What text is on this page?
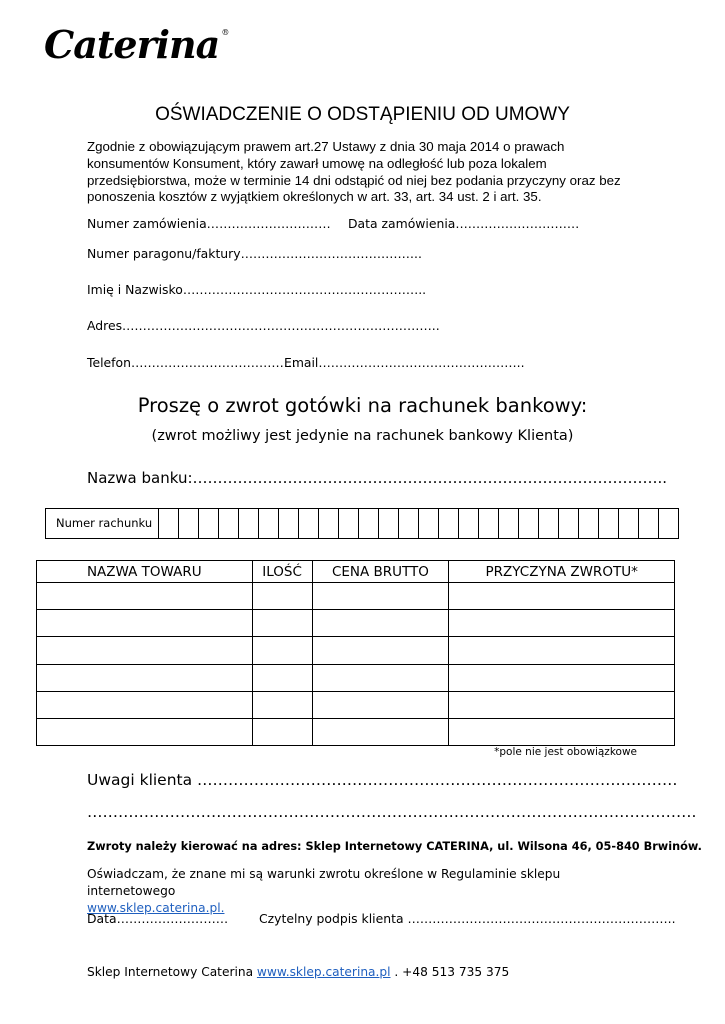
Caterina ®
OŚWIADCZENIE O ODSTĄPIENIU OD UMOWY
Zgodnie z obowiązującym prawem art.27 Ustawy z dnia 30 maja 2014 o prawach konsumentów Konsument, który zawarł umowę na odległość lub poza lokalem przedsiębiorstwa, może w terminie 14 dni odstąpić od niej bez podania przyczyny oraz bez ponoszenia kosztów z wyjątkiem określonych w art. 33, art. 34 ust. 2 i art. 35.
Numer zamówienia………………………… Data zamówienia…………………………
Numer paragonu/faktury……………………………………..
Imię i Nazwisko…………………………………………………..
Adres…………………………………………………………………..
Telefon………………………………….
Email…………………………………………..
Proszę o zwrot gotówki na rachunek bankowy:
(zwrot możliwy jest jedynie na rachunek bankowy Klienta)
Nazwa banku:…………………………………………………………………………………..
Numer rachunku
NAZWA TOWARU	ILOŚĆ	CENA BRUTTO	PRZYCZYNA ZWROTU*

*pole nie jest obowiązkowe
Uwagi klienta …………………………………………………………………………………
……………………………………………………………………………………………………….
Zwroty należy kierować na adres: Sklep Internetowy CATERINA, ul. Wilsona 46, 05-840 Brwinów.
Oświadczam, że znane mi są warunki zwrotu określone w Regulaminie sklepu internetowego
www.sklep.caterina.pl.
Data……………………… Czytelny podpis klienta ………………………………………………………..
Sklep Internetowy Caterina www.sklep.caterina.pl . +48 513 735 375
